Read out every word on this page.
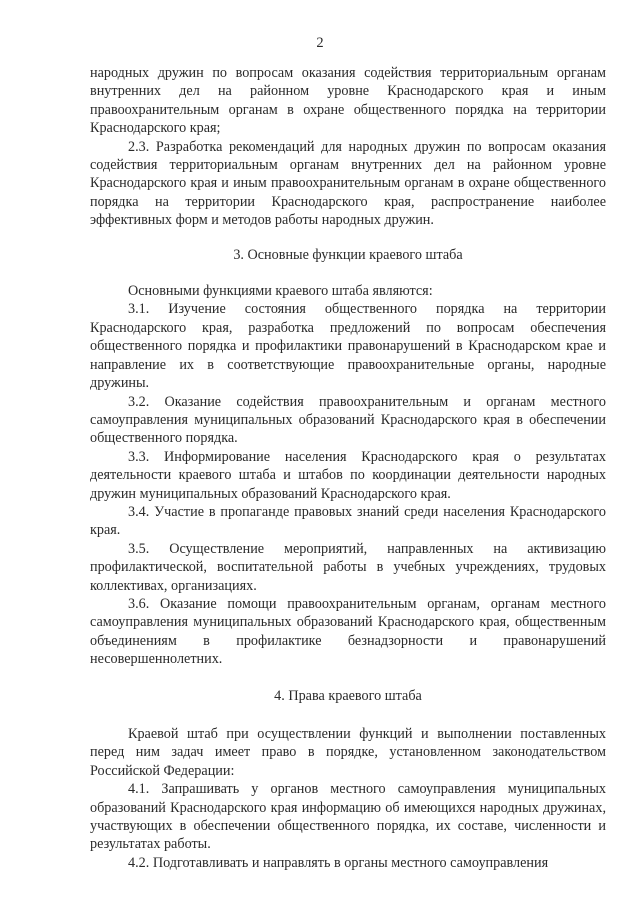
2

народных дружин по вопросам оказания содействия территориальным органам внутренних дел на районном уровне Краснодарского края и иным правоохранительным органам в охране общественного порядка на территории Краснодарского края;

2.3. Разработка рекомендаций для народных дружин по вопросам оказания содействия территориальным органам внутренних дел на районном уровне Краснодарского края и иным правоохранительным органам в охране общественного порядка на территории Краснодарского края, распространение наиболее эффективных форм и методов работы народных дружин.

3. Основные функции краевого штаба

Основными функциями краевого штаба являются:

3.1. Изучение состояния общественного порядка на территории Краснодарского края, разработка предложений по вопросам обеспечения общественного порядка и профилактики правонарушений в Краснодарском крае и направление их в соответствующие правоохранительные органы, народные дружины.

3.2. Оказание содействия правоохранительным и органам местного самоуправления муниципальных образований Краснодарского края в обеспечении общественного порядка.

3.3. Информирование населения Краснодарского края о результатах деятельности краевого штаба и штабов по координации деятельности народных дружин муниципальных образований Краснодарского края.

3.4. Участие в пропаганде правовых знаний среди населения Краснодарского края.

3.5. Осуществление мероприятий, направленных на активизацию профилактической, воспитательной работы в учебных учреждениях, трудовых коллективах, организациях.

3.6. Оказание помощи правоохранительным органам, органам местного самоуправления муниципальных образований Краснодарского края, общественным объединениям в профилактике безнадзорности и правонарушений несовершеннолетних.

4. Права краевого штаба

Краевой штаб при осуществлении функций и выполнении поставленных перед ним задач имеет право в порядке, установленном законодательством Российской Федерации:

4.1. Запрашивать у органов местного самоуправления муниципальных образований Краснодарского края информацию об имеющихся народных дружинах, участвующих в обеспечении общественного порядка, их составе, численности и результатах работы.

4.2. Подготавливать и направлять в органы местного самоуправления
